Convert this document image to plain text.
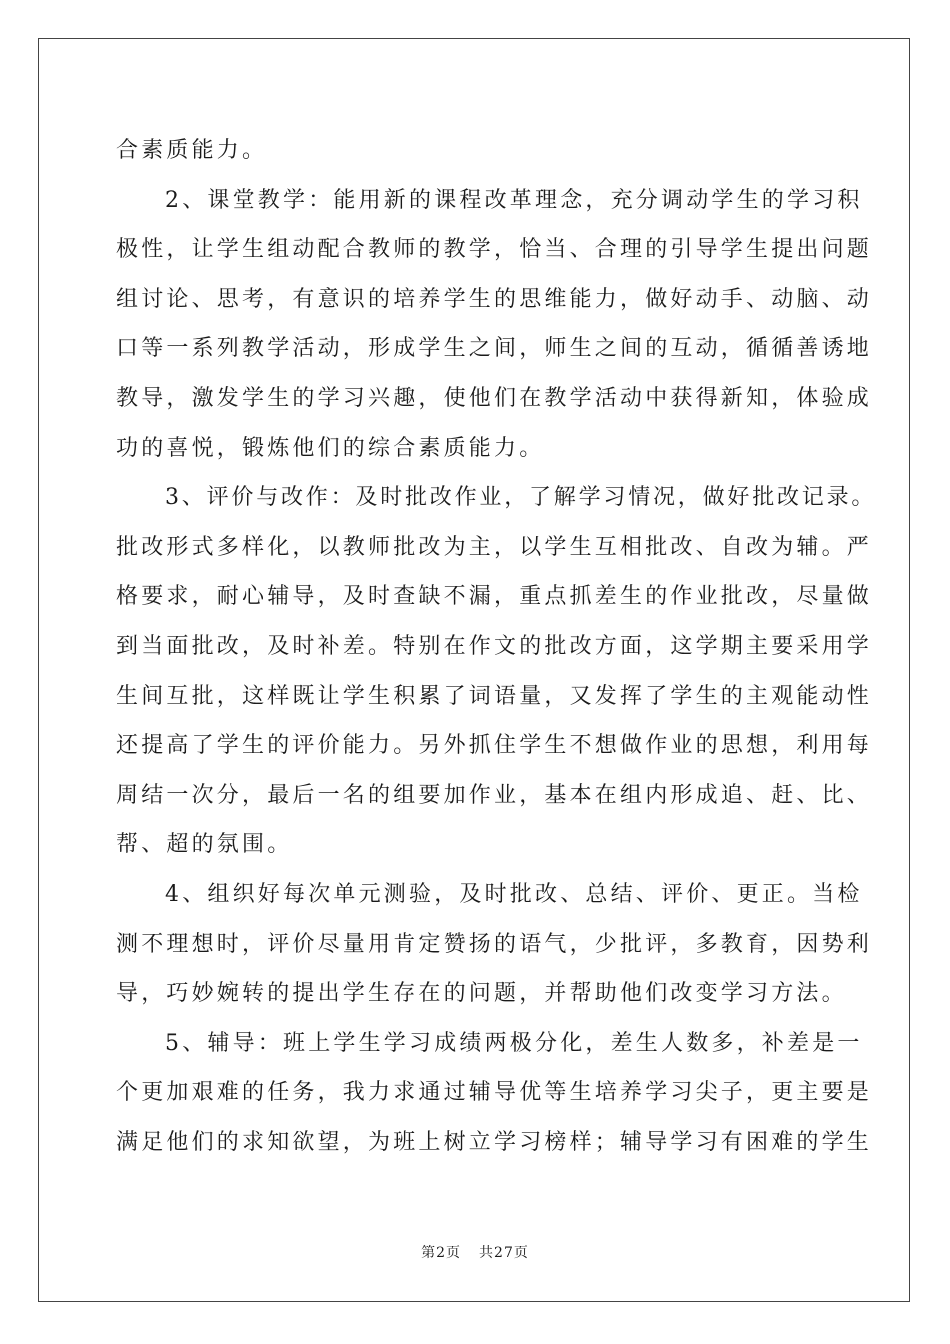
合素质能力。
2、课堂教学：能用新的课程改革理念，充分调动学生的学习积
极性，让学生组动配合教师的教学，恰当、合理的引导学生提出问题
组讨论、思考，有意识的培养学生的思维能力，做好动手、动脑、动
口等一系列教学活动，形成学生之间，师生之间的互动，循循善诱地
教导，激发学生的学习兴趣，使他们在教学活动中获得新知，体验成
功的喜悦，锻炼他们的综合素质能力。
3、评价与改作：及时批改作业，了解学习情况，做好批改记录。
批改形式多样化，以教师批改为主，以学生互相批改、自改为辅。严
格要求，耐心辅导，及时查缺不漏，重点抓差生的作业批改，尽量做
到当面批改，及时补差。特别在作文的批改方面，这学期主要采用学
生间互批，这样既让学生积累了词语量，又发挥了学生的主观能动性
还提高了学生的评价能力。另外抓住学生不想做作业的思想，利用每
周结一次分，最后一名的组要加作业，基本在组内形成追、赶、比、
帮、超的氛围。
4、组织好每次单元测验，及时批改、总结、评价、更正。当检
测不理想时，评价尽量用肯定赞扬的语气，少批评，多教育，因势利
导，巧妙婉转的提出学生存在的问题，并帮助他们改变学习方法。
5、辅导：班上学生学习成绩两极分化，差生人数多，补差是一
个更加艰难的任务，我力求通过辅导优等生培养学习尖子，更主要是
满足他们的求知欲望，为班上树立学习榜样；辅导学习有困难的学生
第2页 共27页
